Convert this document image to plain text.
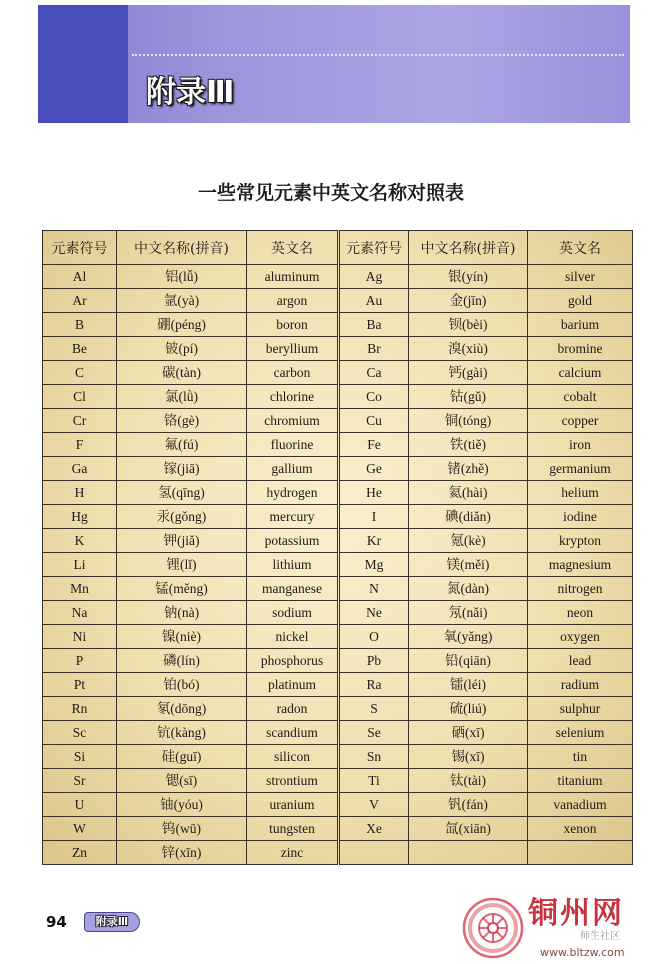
附录Ⅲ
一些常见元素中英文名称对照表
元素符号	中文名称(拼音)	英文名	元素符号	中文名称(拼音)	英文名
Al	铝(lǚ)	aluminum	Ag	银(yín)	silver
Ar	氩(yà)	argon	Au	金(jīn)	gold
B	硼(péng)	boron	Ba	钡(bèi)	barium
Be	铍(pí)	beryllium	Br	溴(xiù)	bromine
C	碳(tàn)	carbon	Ca	钙(gài)	calcium
Cl	氯(lǜ)	chlorine	Co	钴(gǔ)	cobalt
Cr	铬(gè)	chromium	Cu	铜(tóng)	copper
F	氟(fú)	fluorine	Fe	铁(tiě)	iron
Ga	镓(jiā)	gallium	Ge	锗(zhě)	germanium
H	氢(qīng)	hydrogen	He	氦(hài)	helium
Hg	汞(gǒng)	mercury	I	碘(diǎn)	iodine
K	钾(jiǎ)	potassium	Kr	氪(kè)	krypton
Li	锂(lǐ)	lithium	Mg	镁(měi)	magnesium
Mn	锰(měng)	manganese	N	氮(dàn)	nitrogen
Na	钠(nà)	sodium	Ne	氖(nǎi)	neon
Ni	镍(niè)	nickel	O	氧(yǎng)	oxygen
P	磷(lín)	phosphorus	Pb	铅(qiān)	lead
Pt	铂(bó)	platinum	Ra	镭(léi)	radium
Rn	氡(dōng)	radon	S	硫(liú)	sulphur
Sc	钪(kàng)	scandium	Se	硒(xī)	selenium
Si	硅(guī)	silicon	Sn	锡(xī)	tin
Sr	锶(sī)	strontium	Ti	钛(tài)	titanium
U	铀(yóu)	uranium	V	钒(fán)	vanadium
W	钨(wū)	tungsten	Xe	氙(xiān)	xenon
Zn	锌(xīn)	zinc			
94	附录Ⅲ	铜州网
师生社区
www.bltzw.com
